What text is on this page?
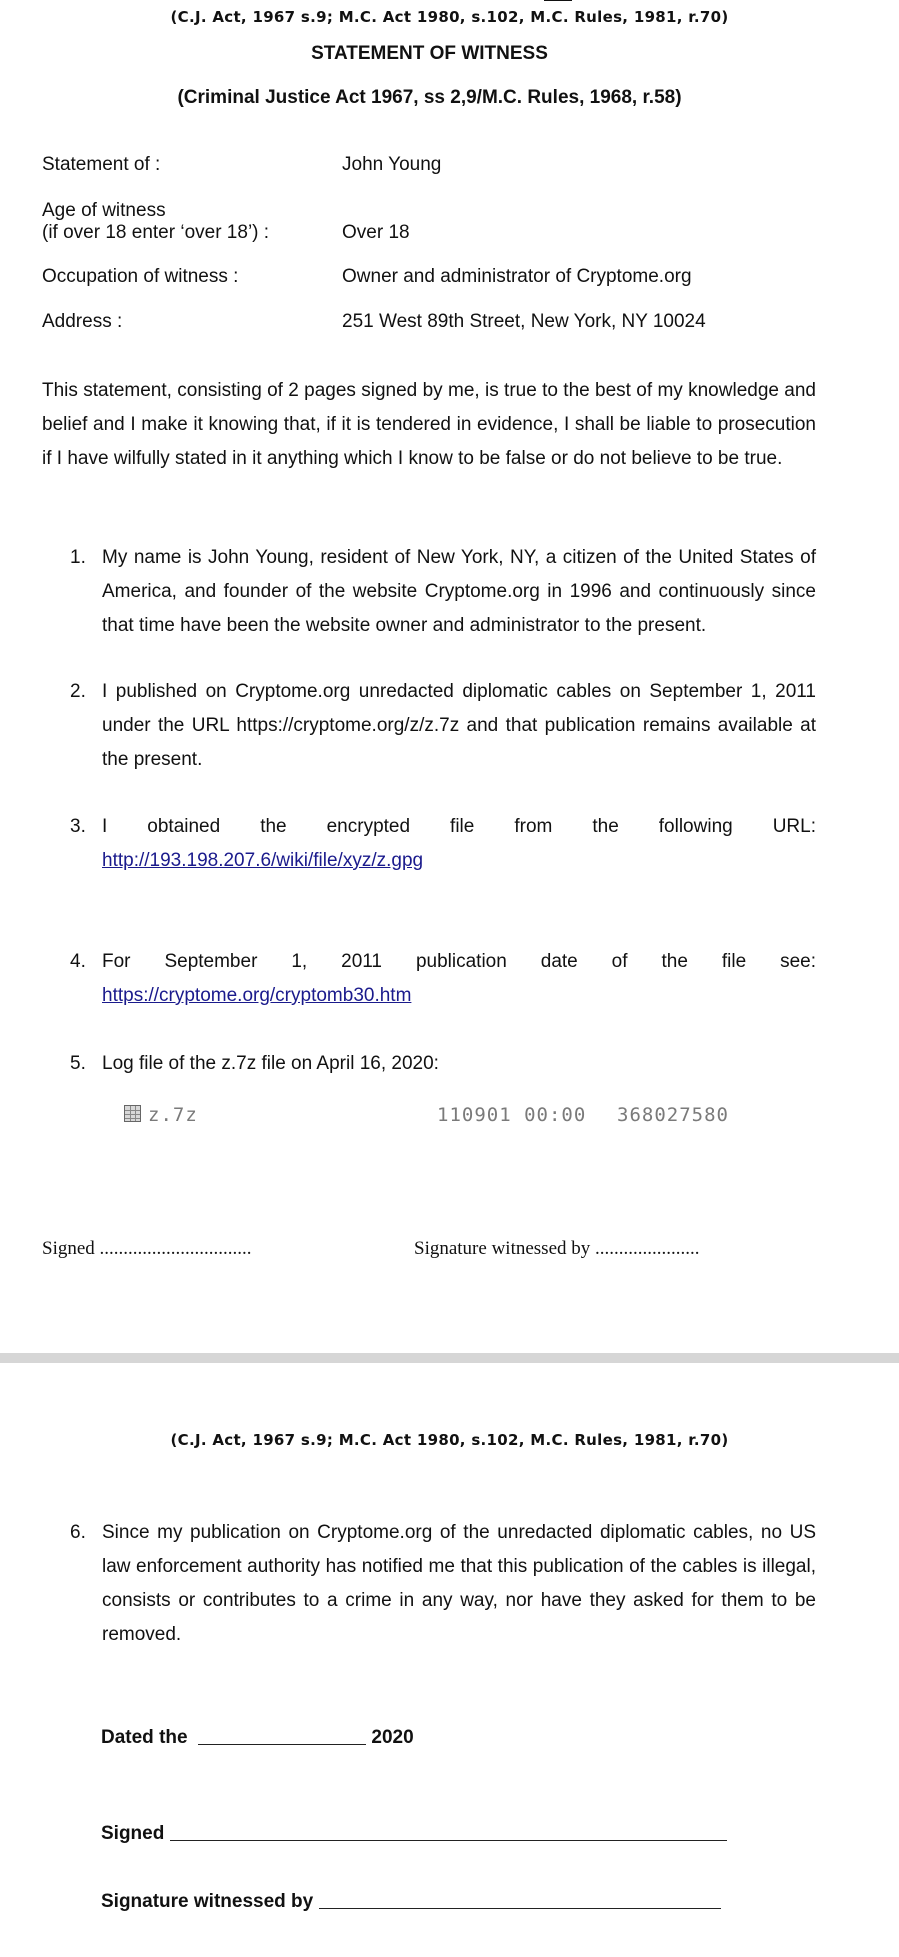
(C.J. Act, 1967 s.9; M.C. Act 1980, s.102, M.C. Rules, 1981, r.70)
STATEMENT OF WITNESS
(Criminal Justice Act 1967, ss 2,9/M.C. Rules, 1968, r.58)
Statement of :	John Young
Age of witness
(if over 18 enter ‘over 18’) :	Over 18
Occupation of witness :	Owner and administrator of Cryptome.org
Address :	251 West 89th Street, New York, NY 10024
This statement, consisting of 2 pages signed by me, is true to the best of my knowledge and belief and I make it knowing that, if it is tendered in evidence, I shall be liable to prosecution if I have wilfully stated in it anything which I know to be false or do not believe to be true.
1. My name is John Young, resident of New York, NY, a citizen of the United States of America, and founder of the website Cryptome.org in 1996 and continuously since that time have been the website owner and administrator to the present.
2. I published on Cryptome.org unredacted diplomatic cables on September 1, 2011 under the URL https://cryptome.org/z/z.7z and that publication remains available at the present.
3. I obtained the encrypted file from the following URL:
http://193.198.207.6/wiki/file/xyz/z.gpg
4. For September 1, 2011 publication date of the file see:
https://cryptome.org/cryptomb30.htm
5. Log file of the z.7z file on April 16, 2020:
z.7z	110901 00:00 368027580
Signed ................................	Signature witnessed by ......................
(C.J. Act, 1967 s.9; M.C. Act 1980, s.102, M.C. Rules, 1981, r.70)
6. Since my publication on Cryptome.org of the unredacted diplomatic cables, no US law enforcement authority has notified me that this publication of the cables is illegal, consists or contributes to a crime in any way, nor have they asked for them to be removed.
Dated the	2020
Signed
Signature witnessed by
